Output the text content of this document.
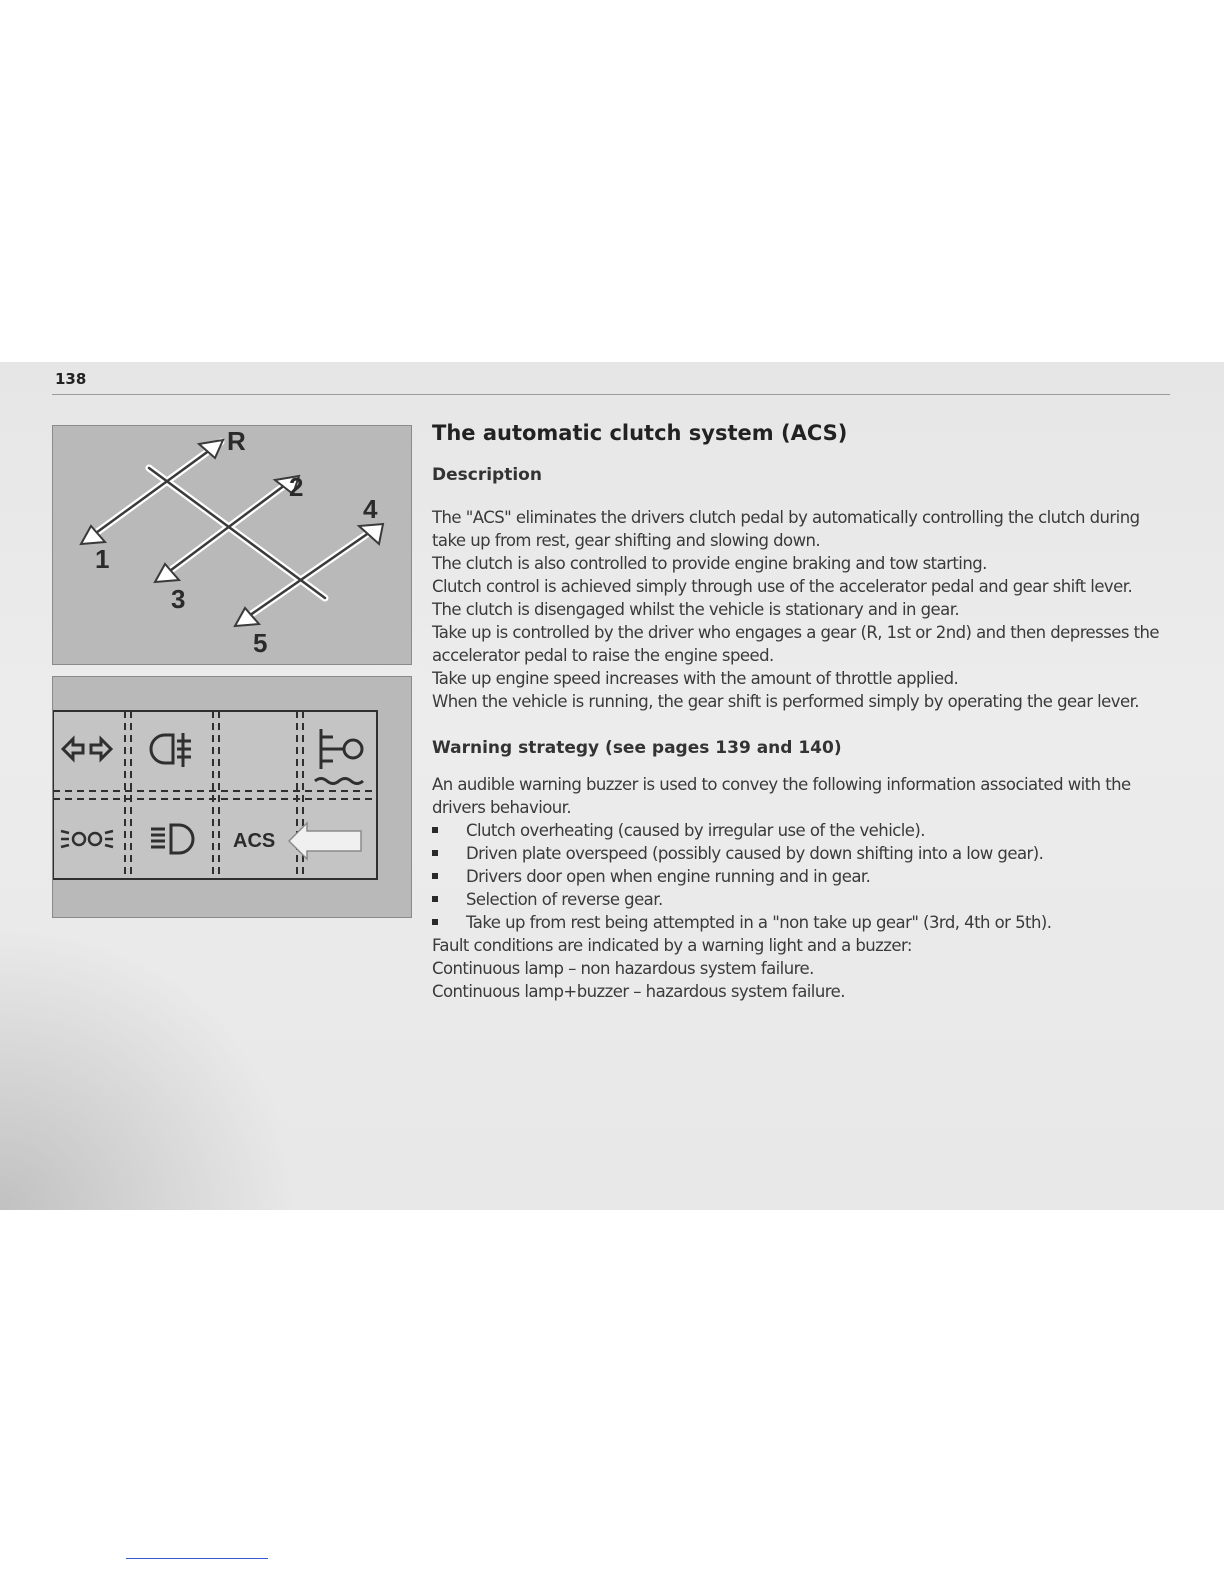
138
R
2
4
1
3
5
ACS
The automatic clutch system (ACS)
Description

The "ACS" eliminates the drivers clutch pedal by automatically controlling the clutch during take up from rest, gear shifting and slowing down.

The clutch is also controlled to provide engine braking and tow starting.

Clutch control is achieved simply through use of the accelerator pedal and gear shift lever.

The clutch is disengaged whilst the vehicle is stationary and in gear.

Take up is controlled by the driver who engages a gear (R, 1st or 2nd) and then depresses the accelerator pedal to raise the engine speed.

Take up engine speed increases with the amount of throttle applied.

When the vehicle is running, the gear shift is performed simply by operating the gear lever.

Warning strategy (see pages 139 and 140)

An audible warning buzzer is used to convey the following information associated with the drivers behaviour.

Clutch overheating (caused by irregular use of the vehicle).
Driven plate overspeed (possibly caused by down shifting into a low gear).
Drivers door open when engine running and in gear.
Selection of reverse gear.
Take up from rest being attempted in a "non take up gear" (3rd, 4th or 5th).

Fault conditions are indicated by a warning light and a buzzer:

Continuous lamp – non hazardous system failure.

Continuous lamp+buzzer – hazardous system failure.
